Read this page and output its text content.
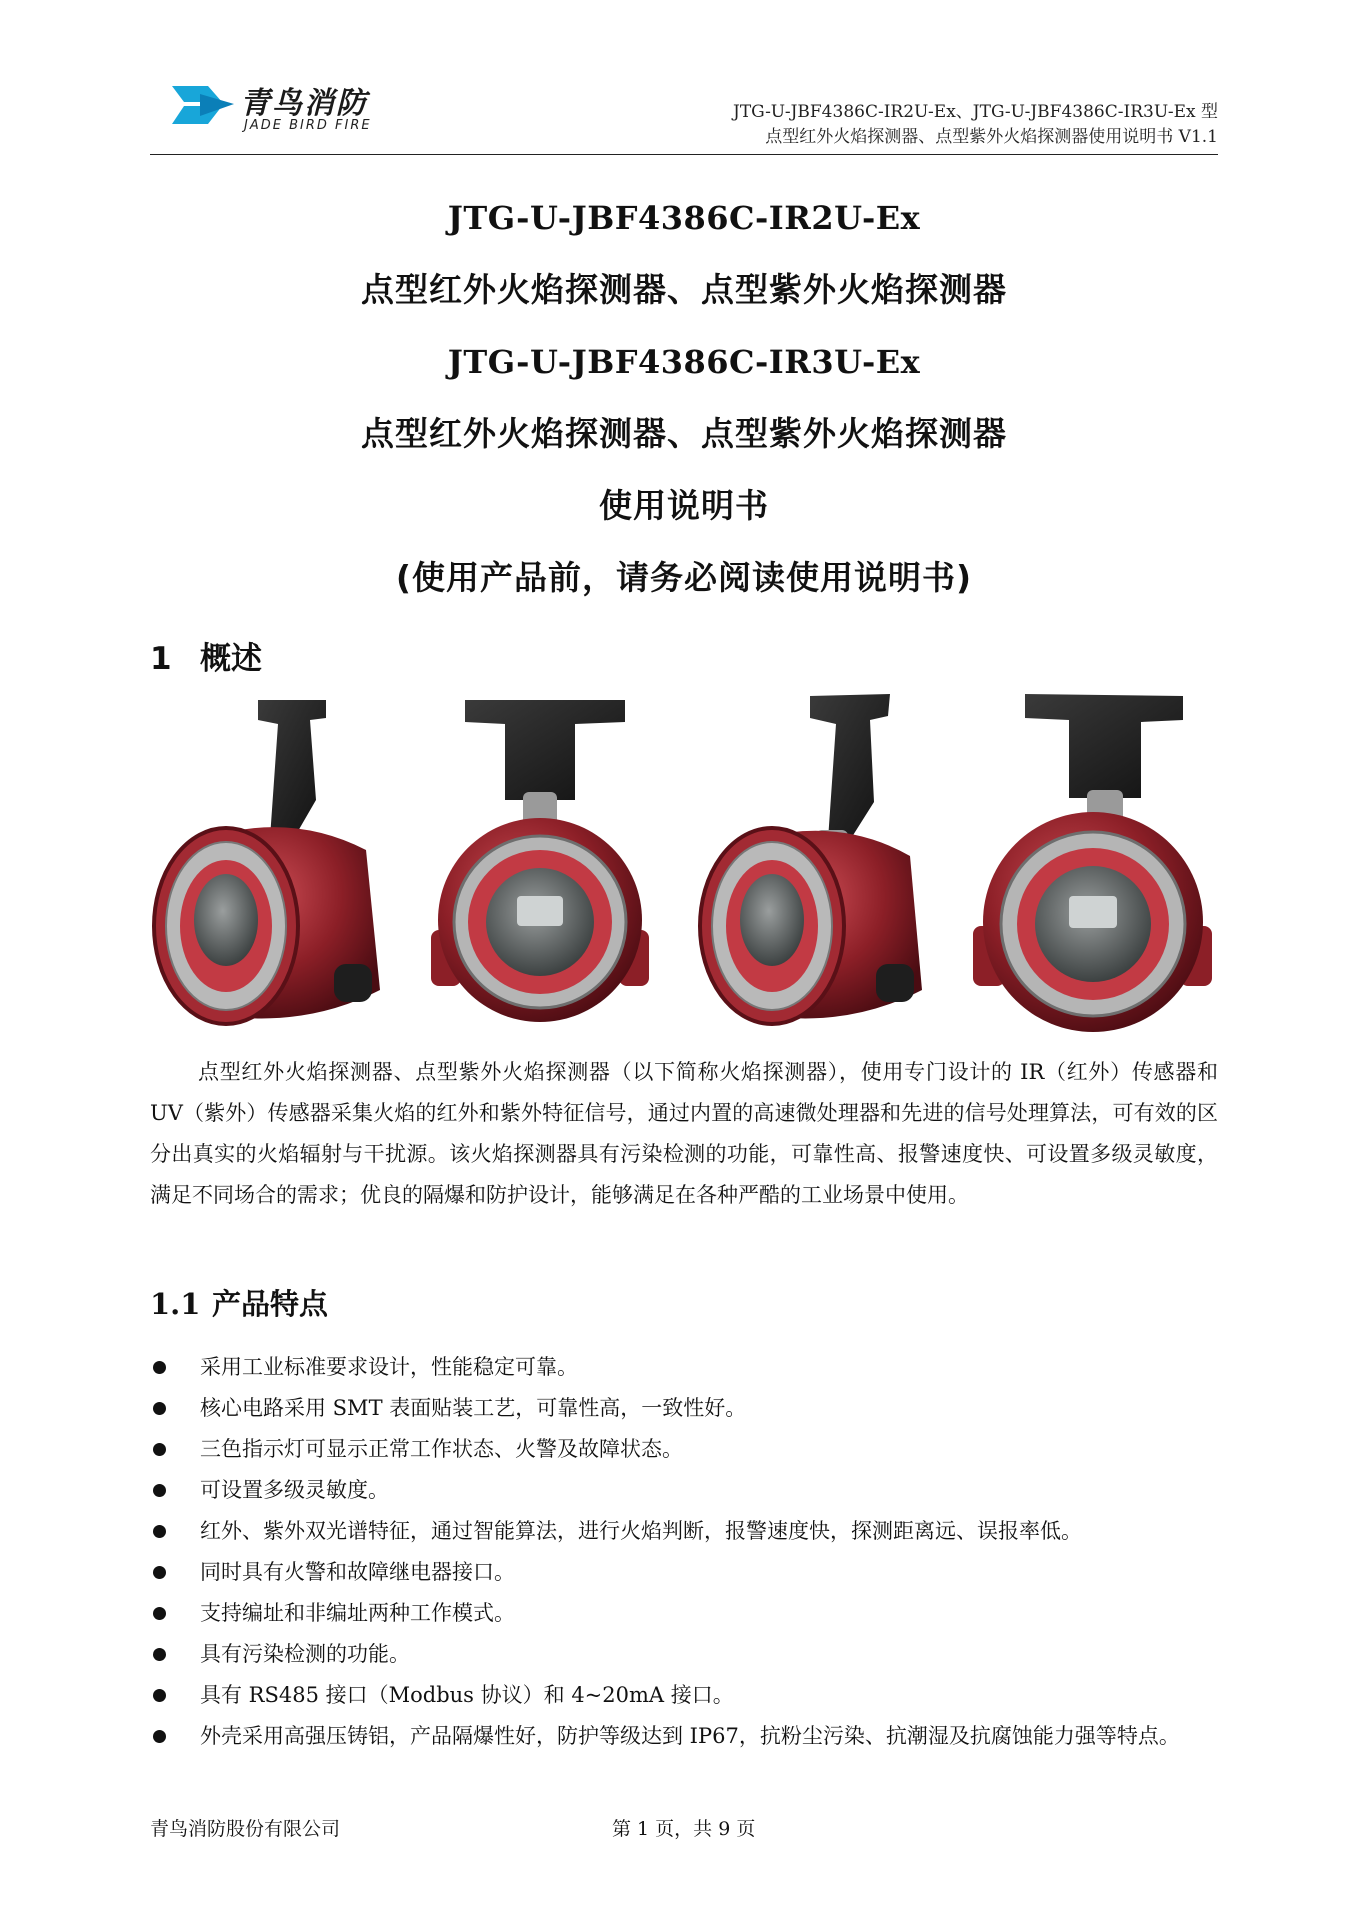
青鸟消防
JADE BIRD FIRE
JTG-U-JBF4386C-IR2U-Ex、JTG-U-JBF4386C-IR3U-Ex 型
点型红外火焰探测器、点型紫外火焰探测器使用说明书 V1.1
JTG-U-JBF4386C-IR2U-Ex
点型红外火焰探测器、点型紫外火焰探测器
JTG-U-JBF4386C-IR3U-Ex
点型红外火焰探测器、点型紫外火焰探测器
使用说明书
(使用产品前，请务必阅读使用说明书)
1 概述

点型红外火焰探测器、点型紫外火焰探测器（以下简称火焰探测器），使用专门设计的 IR（红外）传感器和 UV（紫外）传感器采集火焰的红外和紫外特征信号，通过内置的高速微处理器和先进的信号处理算法，可有效的区分出真实的火焰辐射与干扰源。该火焰探测器具有污染检测的功能，可靠性高、报警速度快、可设置多级灵敏度，满足不同场合的需求；优良的隔爆和防护设计，能够满足在各种严酷的工业场景中使用。

1.1 产品特点
采用工业标准要求设计，性能稳定可靠。
核心电路采用 SMT 表面贴装工艺，可靠性高，一致性好。
三色指示灯可显示正常工作状态、火警及故障状态。
可设置多级灵敏度。
红外、紫外双光谱特征，通过智能算法，进行火焰判断，报警速度快，探测距离远、误报率低。
同时具有火警和故障继电器接口。
支持编址和非编址两种工作模式。
具有污染检测的功能。
具有 RS485 接口（Modbus 协议）和 4~20mA 接口。
外壳采用高强压铸铝，产品隔爆性好，防护等级达到 IP67，抗粉尘污染、抗潮湿及抗腐蚀能力强等特点。
青鸟消防股份有限公司	第 1 页，共 9 页
